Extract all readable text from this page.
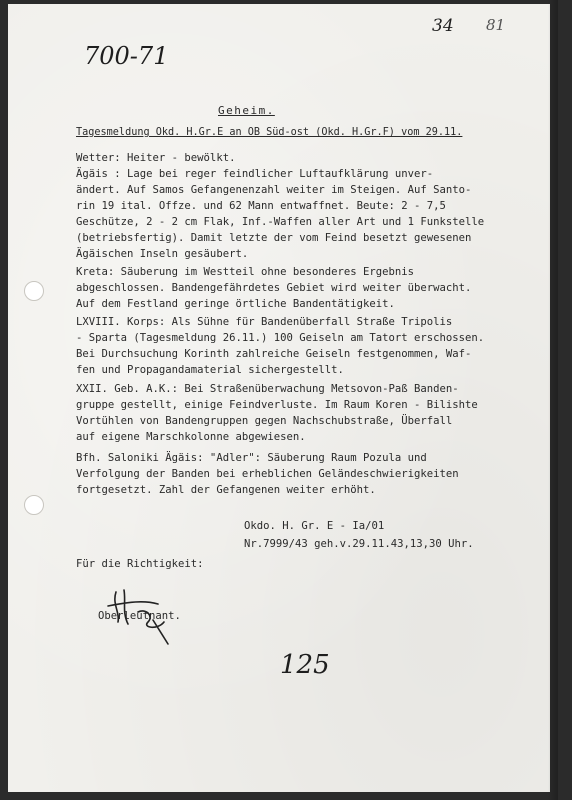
700-71
34 81
Geheim.
Tagesmeldung Okd. H.Gr.E an OB Süd-ost (Okd. H.Gr.F) vom 29.11.
Wetter: Heiter - bewölkt.
Ägäis : Lage bei reger feindlicher Luftaufklärung unver-
ändert. Auf Samos Gefangenenzahl weiter im Steigen. Auf Santo-
rin 19 ital. Offze. und 62 Mann entwaffnet. Beute: 2 - 7,5
Geschütze, 2 - 2 cm Flak, Inf.-Waffen aller Art und 1 Funkstelle
(betriebsfertig). Damit letzte der vom Feind besetzt gewesenen
Ägäischen Inseln gesäubert.
Kreta: Säuberung im Westteil ohne besonderes Ergebnis
abgeschlossen. Bandengefährdetes Gebiet wird weiter überwacht.
Auf dem Festland geringe örtliche Bandentätigkeit.
LXVIII. Korps: Als Sühne für Bandenüberfall Straße Tripolis
- Sparta (Tagesmeldung 26.11.) 100 Geiseln am Tatort erschossen.
Bei Durchsuchung Korinth zahlreiche Geiseln festgenommen, Waf-
fen und Propagandamaterial sichergestellt.
XXII. Geb. A.K.: Bei Straßenüberwachung Metsovon-Paß Banden-
gruppe gestellt, einige Feindverluste. Im Raum Koren - Bilishte
Vortühlen von Bandengruppen gegen Nachschubstraße, Überfall
auf eigene Marschkolonne abgewiesen.
Bfh. Saloniki Ägäis: "Adler": Säuberung Raum Pozula und
Verfolgung der Banden bei erheblichen Geländeschwierigkeiten
fortgesetzt. Zahl der Gefangenen weiter erhöht.
Okdo. H. Gr. E - Ia/01
Nr.7999/43 geh.v.29.11.43,13,30 Uhr.
Für die Richtigkeit:
Oberleutnant.
125
